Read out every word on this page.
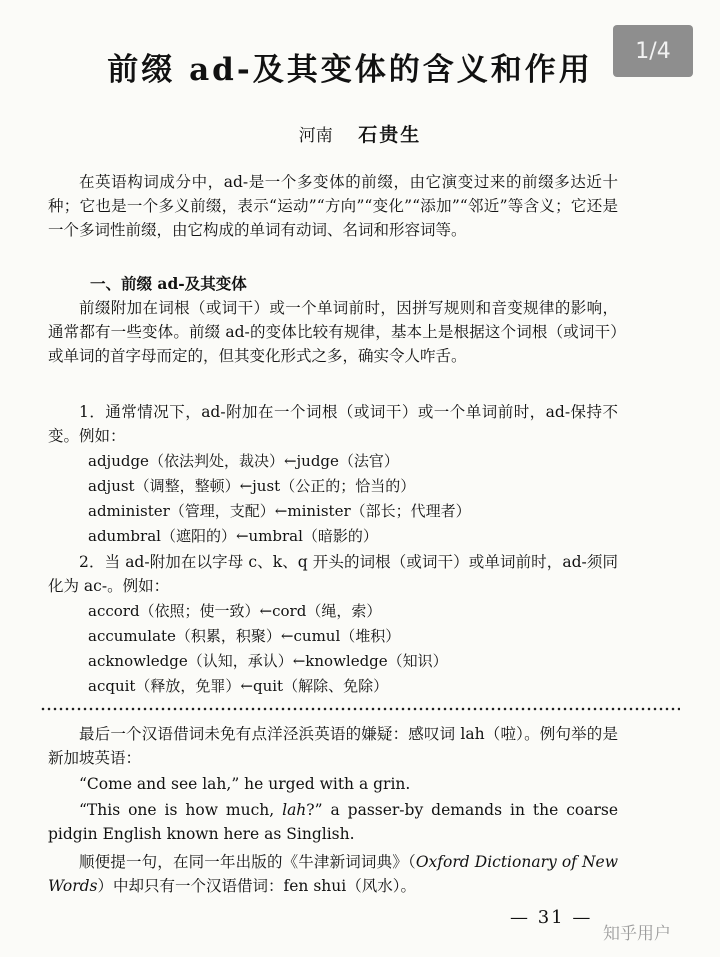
1/4
前缀 ad-及其变体的含义和作用
河南 石贵生

在英语构词成分中，ad-是一个多变体的前缀，由它演变过来的前缀多达近十种；它也是一个多义前缀，表示“运动”“方向”“变化”“添加”“邻近”等含义；它还是一个多词性前缀，由它构成的单词有动词、名词和形容词等。

一、前缀 ad-及其变体

前缀附加在词根（或词干）或一个单词前时，因拼写规则和音变规律的影响，通常都有一些变体。前缀 ad-的变体比较有规律，基本上是根据这个词根（或词干）或单词的首字母而定的，但其变化形式之多，确实令人咋舌。

1．通常情况下，ad-附加在一个词根（或词干）或一个单词前时，ad-保持不变。例如：

adjudge（依法判处，裁决）←judge（法官）
adjust（调整，整顿）←just（公正的；恰当的）
administer（管理，支配）←minister（部长；代理者）
adumbral（遮阳的）←umbral（暗影的）

2．当 ad-附加在以字母 c、k、q 开头的词根（或词干）或单词前时，ad-须同化为 ac-。例如：

accord（依照；使一致）←cord（绳，索）
accumulate（积累，积聚）←cumul（堆积）
acknowledge（认知，承认）←knowledge（知识）
acquit（释放，免罪）←quit（解除、免除）

最后一个汉语借词未免有点洋泾浜英语的嫌疑：感叹词 lah（啦）。例句举的是新加坡英语：

“Come and see lah,” he urged with a grin.

“This one is how much, lah?” a passer-by demands in the coarse pidgin English known here as Singlish.

顺便提一句，在同一年出版的《牛津新词词典》（Oxford Dictionary of New Words）中却只有一个汉语借词：fen shui（风水）。

— 31 —
知乎用户
